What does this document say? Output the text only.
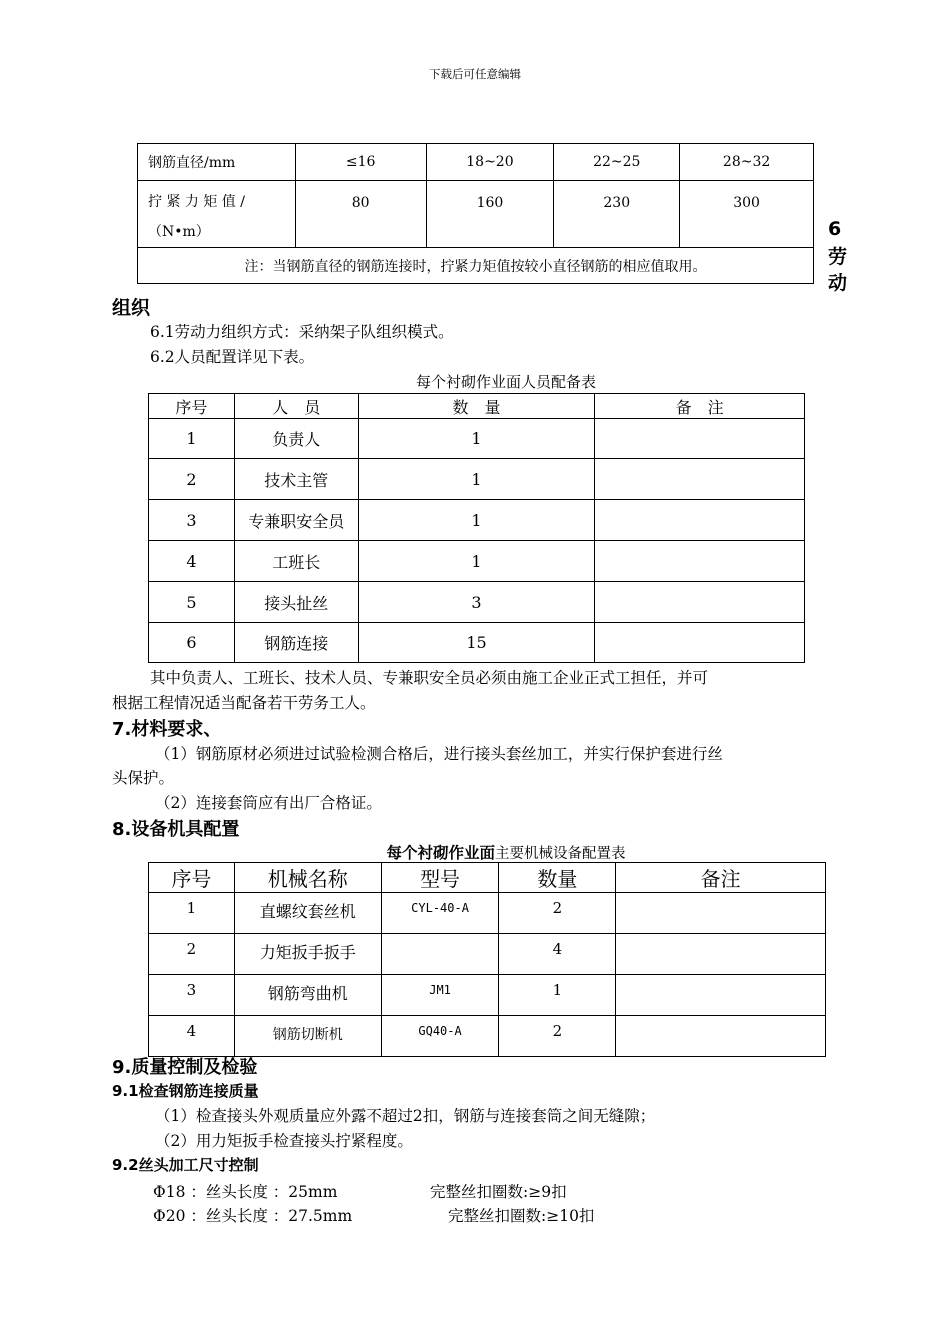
下载后可任意编辑
钢筋直径/mm	≤16	18~20	22~25	28~32

拧 紧 力 矩 值 /
（N•m）	80	160	230	300
注：当钢筋直径的钢筋连接时，拧紧力矩值按较小直径钢筋的相应值取用。				
6
劳
动
组织
6.1劳动力组织方式：采纳架子队组织模式。
6.2人员配置详见下表。
每个衬砌作业面人员配备表
序号	人　员	数　量	备　注
1	负责人	1	
2	技术主管	1	
3	专兼职安全员	1	
4	工班长	1	
5	接头扯丝	3	
6	钢筋连接	15	
其中负责人、工班长、技术人员、专兼职安全员必须由施工企业正式工担任，并可
根据工程情况适当配备若干劳务工人。
7.材料要求、
（1）钢筋原材必须进过试验检测合格后，进行接头套丝加工，并实行保护套进行丝
头保护。
（2）连接套筒应有出厂合格证。
8.设备机具配置
每个衬砌作业面主要机械设备配置表
序号	机械名称	型号	数量	备注
1	直螺纹套丝机	CYL-40-A	2	
2	力矩扳手扳手		4	
3	钢筋弯曲机	JM1	1	
4	钢筋切断机	GQ40-A	2	
9.质量控制及检验
9.1检查钢筋连接质量
（1）检查接头外观质量应外露不超过2扣，钢筋与连接套筒之间无缝隙；
（2）用力矩扳手检查接头拧紧程度。
9.2丝头加工尺寸控制
Φ18 ：丝头长度 ：25mm	完整丝扣圈数:≥9扣
Φ20 ：丝头长度 ：27.5mm	完整丝扣圈数:≥10扣
